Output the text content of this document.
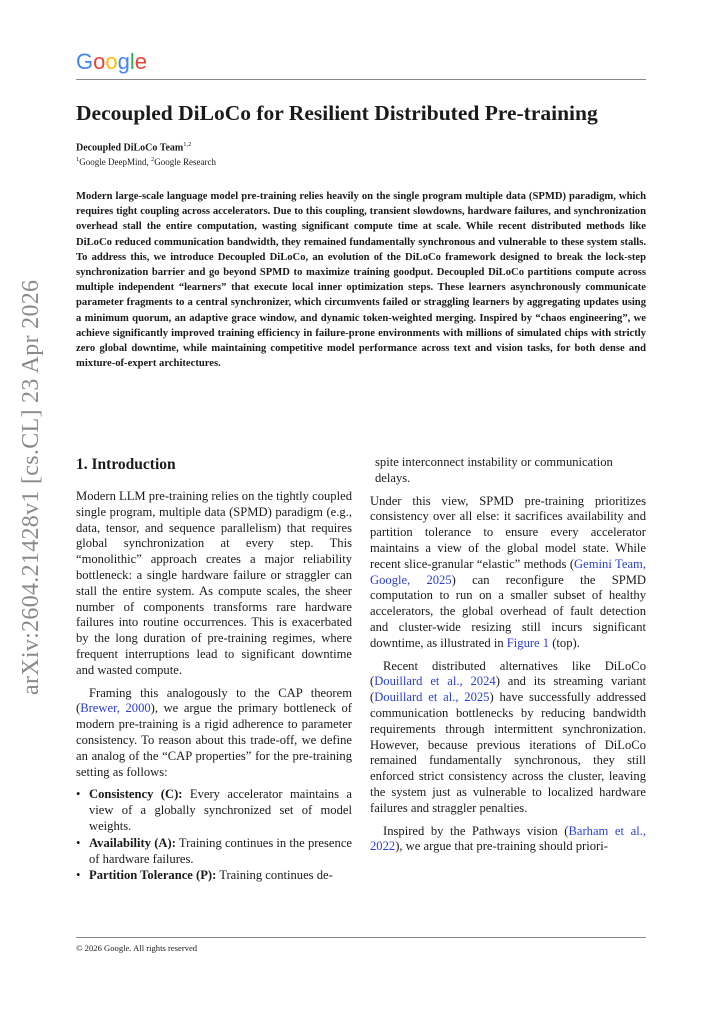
Google
arXiv:2604.21428v1 [cs.CL] 23 Apr 2026
Decoupled DiLoCo for Resilient Distributed Pre-training
Decoupled DiLoCo Team$^{1,2}$
$^1$Google DeepMind, $^2$Google Research

Modern large-scale language model pre-training relies heavily on the single program multiple data (SPMD) paradigm, which requires tight coupling across accelerators. Due to this coupling, transient slowdowns, hardware failures, and synchronization overhead stall the entire computation, wasting significant compute time at scale. While recent distributed methods like DiLoCo reduced communication bandwidth, they remained fundamentally synchronous and vulnerable to these system stalls. To address this, we introduce Decoupled DiLoCo, an evolution of the DiLoCo framework designed to break the lock-step synchronization barrier and go beyond SPMD to maximize training goodput. Decoupled DiLoCo partitions compute across multiple independent “learners” that execute local inner optimization steps. These learners asynchronously communicate parameter fragments to a central synchronizer, which circumvents failed or straggling learners by aggregating updates using a minimum quorum, an adaptive grace window, and dynamic token-weighted merging. Inspired by “chaos engineering”, we achieve significantly improved training efficiency in failure-prone environments with millions of simulated chips with strictly zero global downtime, while maintaining competitive model performance across text and vision tasks, for both dense and mixture-of-expert architectures.

1. Introduction

Modern LLM pre-training relies on the tightly coupled single program, multiple data (SPMD) paradigm (e.g., data, tensor, and sequence parallelism) that requires global synchronization at every step. This “monolithic” approach creates a major reliability bottleneck: a single hardware failure or straggler can stall the entire system. As compute scales, the sheer number of components transforms rare hardware failures into routine occurrences. This is exacerbated by the long duration of pre-training regimes, where frequent interruptions lead to significant downtime and wasted compute.

Framing this analogously to the CAP theorem (Brewer, 2000), we argue the primary bottleneck of modern pre-training is a rigid adherence to parameter consistency. To reason about this trade-off, we define an analog of the “CAP properties” for the pre-training setting as follows:

• Consistency (C): Every accelerator maintains a view of a globally synchronized set of model weights.
• Availability (A): Training continues in the presence of hardware failures.
• Partition Tolerance (P): Training continues de-

spite interconnect instability or communication delays.

Under this view, SPMD pre-training prioritizes consistency over all else: it sacrifices availability and partition tolerance to ensure every accelerator maintains a view of the global model state. While recent slice-granular “elastic” methods (Gemini Team, Google, 2025) can reconfigure the SPMD computation to run on a smaller subset of healthy accelerators, the global overhead of fault detection and cluster-wide resizing still incurs significant downtime, as illustrated in Figure 1 (top).

Recent distributed alternatives like DiLoCo (Douillard et al., 2024) and its streaming variant (Douillard et al., 2025) have successfully addressed communication bottlenecks by reducing bandwidth requirements through intermittent synchronization. However, because previous iterations of DiLoCo remained fundamentally synchronous, they still enforced strict consistency across the cluster, leaving the system just as vulnerable to localized hardware failures and straggler penalties.

Inspired by the Pathways vision (Barham et al., 2022), we argue that pre-training should priori-

© 2026 Google. All rights reserved
